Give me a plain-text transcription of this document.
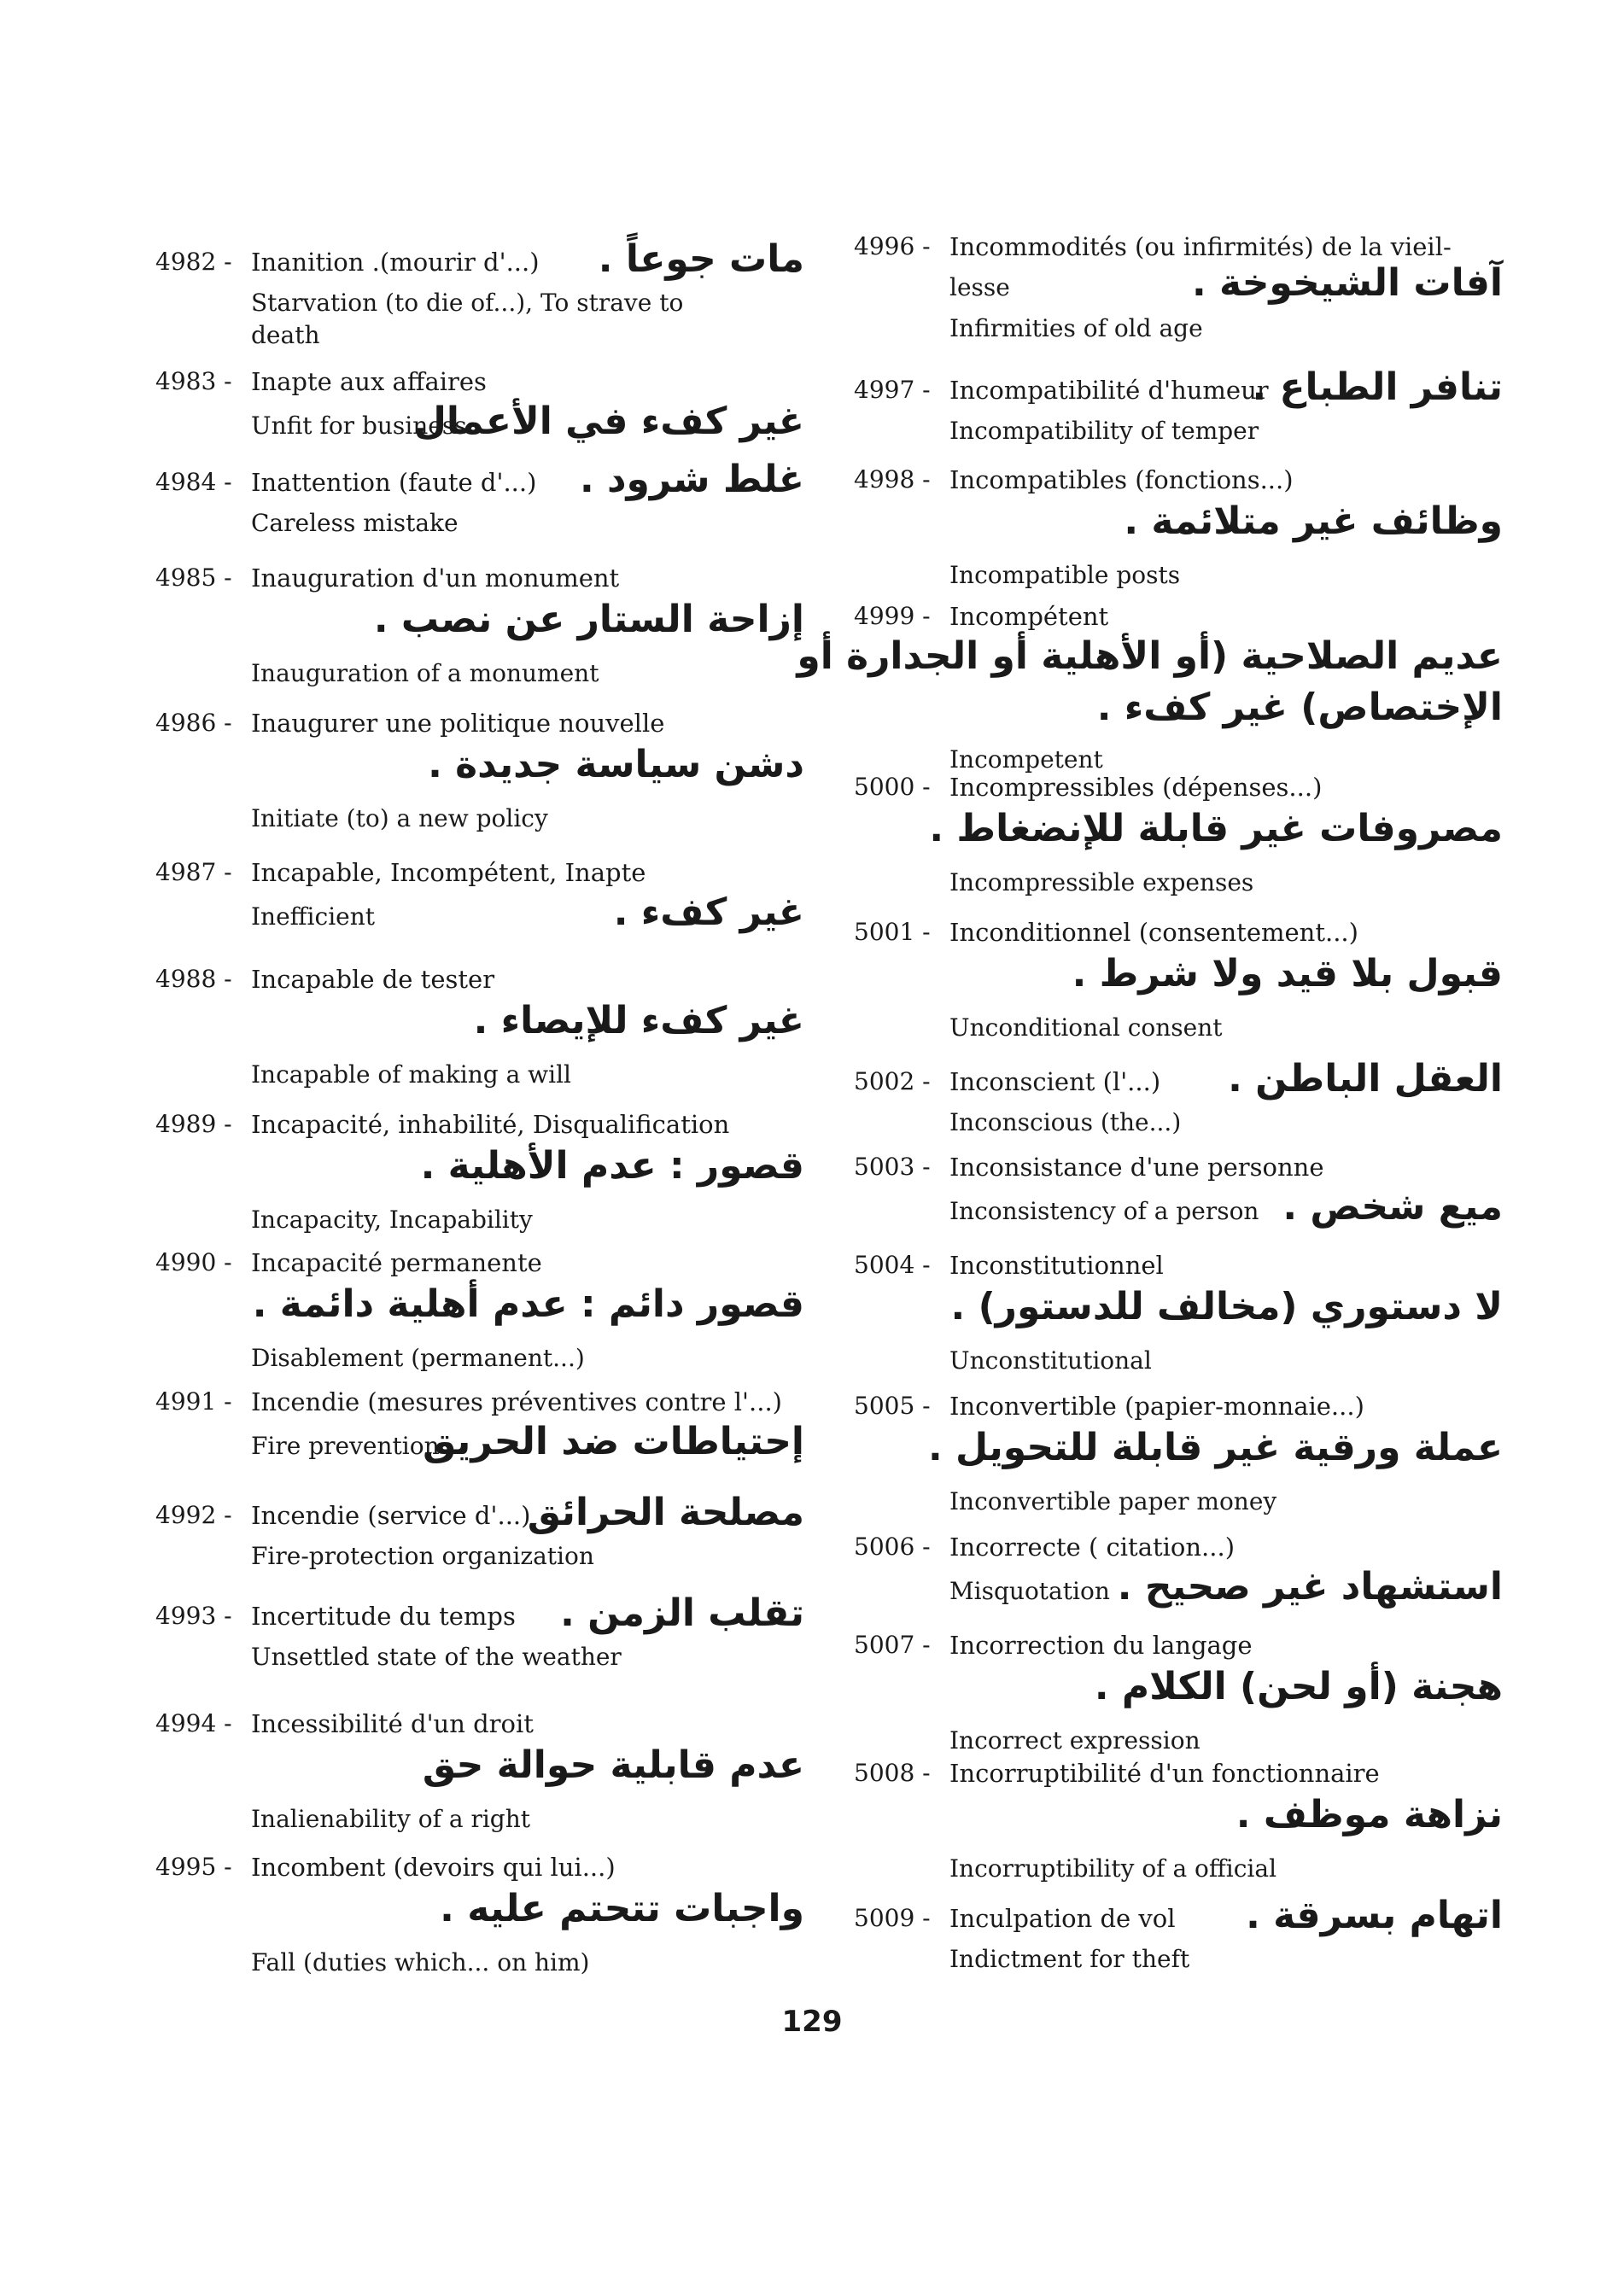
4982 - Inanition .(mourir d'...) مات جوعاً .
Starvation (to die of...), To strave to
death
4983 - Inapte aux affaires
غير كفء في الأعمال
Unfit for business.
4984 - Inattention (faute d'...) غلط شرود .
Careless mistake
4985 - Inauguration d'un monument
إزاحة الستار عن نصب .
Inauguration of a monument
4986 - Inaugurer une politique nouvelle
دشن سياسة جديدة .
Initiate (to) a new policy
4987 - Incapable, Incompétent, Inapte
غير كفء .
Inefficient
4988 - Incapable de tester
غير كفء للإيصاء .
Incapable of making a will
4989 - Incapacité, inhabilité, Disqualification
قصور : عدم الأهلية .
Incapacity, Incapability
4990 - Incapacité permanente
قصور دائم : عدم أهلية دائمة .
Disablement (permanent...)
4991 - Incendie (mesures préventives contre l'...)
إحتياطات ضد الحريق
Fire prevention
4992 - Incendie (service d'...)
مصلحة الحرائق
Fire-protection organization
4993 - Incertitude du temps تقلب الزمن .
Unsettled state of the weather
4994 - Incessibilité d'un droit
عدم قابلية حوالة حق
Inalienability of a right
4995 - Incombent (devoirs qui lui...)
واجبات تتحتم عليه .
Fall (duties which... on him)
4996 - Incommodités (ou infirmités) de la vieil-
lesse	آفات الشيخوخة .
Infirmities of old age
4997 - Incompatibilité d'humeur
تنافر الطباع .
Incompatibility of temper
4998 - Incompatibles (fonctions...)
وظائف غير متلائمة .
Incompatible posts
4999 - Incompétent
عديم الصلاحية (أو الأهلية أو الجدارة أو
الإختصاص) غير كفء .
Incompetent
5000 - Incompressibles (dépenses...)
مصروفات غير قابلة للإنضغاط .
Incompressible expenses
5001 - Inconditionnel (consentement...)
قبول بلا قيد ولا شرط .
Unconditional consent
5002 - Inconscient (l'...) العقل الباطن .
Inconscious (the...)
5003 - Inconsistance d'une personne
ميع شخص .
Inconsistency of a person
5004 - Inconstitutionnel
لا دستوري (مخالف للدستور) .
Unconstitutional
5005 - Inconvertible (papier-monnaie...)
عملة ورقية غير قابلة للتحويل .
Inconvertible paper money
5006 - Incorrecte ( citation...)
استشهاد غير صحيح .
Misquotation
5007 - Incorrection du langage
هجنة (أو لحن) الكلام .
Incorrect expression
5008 - Incorruptibilité d'un fonctionnaire
نزاهة موظف .
Incorruptibility of a official
5009 - Inculpation de vol اتهام بسرقة .
Indictment for theft
129
